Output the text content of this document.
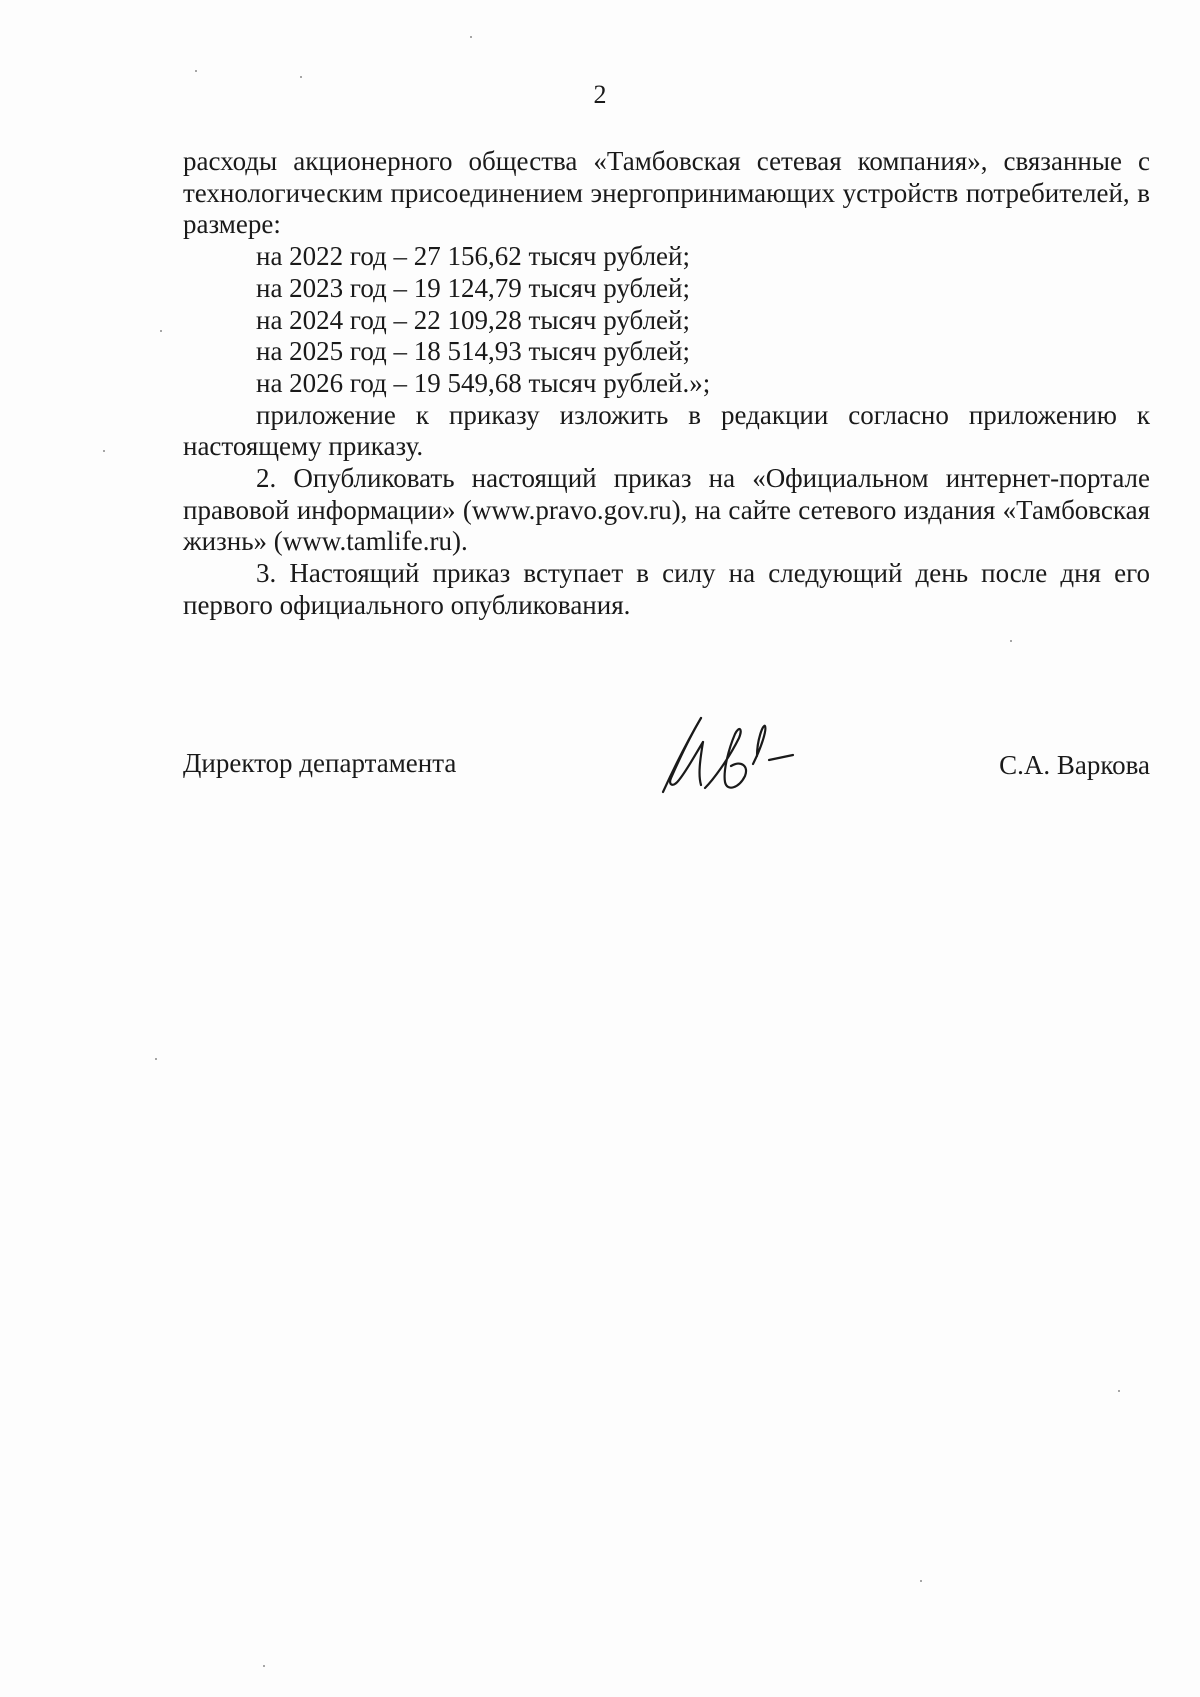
2

расходы акционерного общества «Тамбовская сетевая компания», связанные с технологическим присоединением энергопринимающих устройств потребителей, в размере:

на 2022 год – 27 156,62 тысяч рублей;

на 2023 год – 19 124,79 тысяч рублей;

на 2024 год – 22 109,28 тысяч рублей;

на 2025 год – 18 514,93 тысяч рублей;

на 2026 год – 19 549,68 тысяч рублей.»;

приложение к приказу изложить в редакции согласно приложению к настоящему приказу.

2. Опубликовать настоящий приказ на «Официальном интернет-портале правовой информации» (www.pravo.gov.ru), на сайте сетевого издания «Тамбовская жизнь» (www.tamlife.ru).

3. Настоящий приказ вступает в силу на следующий день после дня его первого официального опубликования.

Директор департамента	С.А. Варкова
